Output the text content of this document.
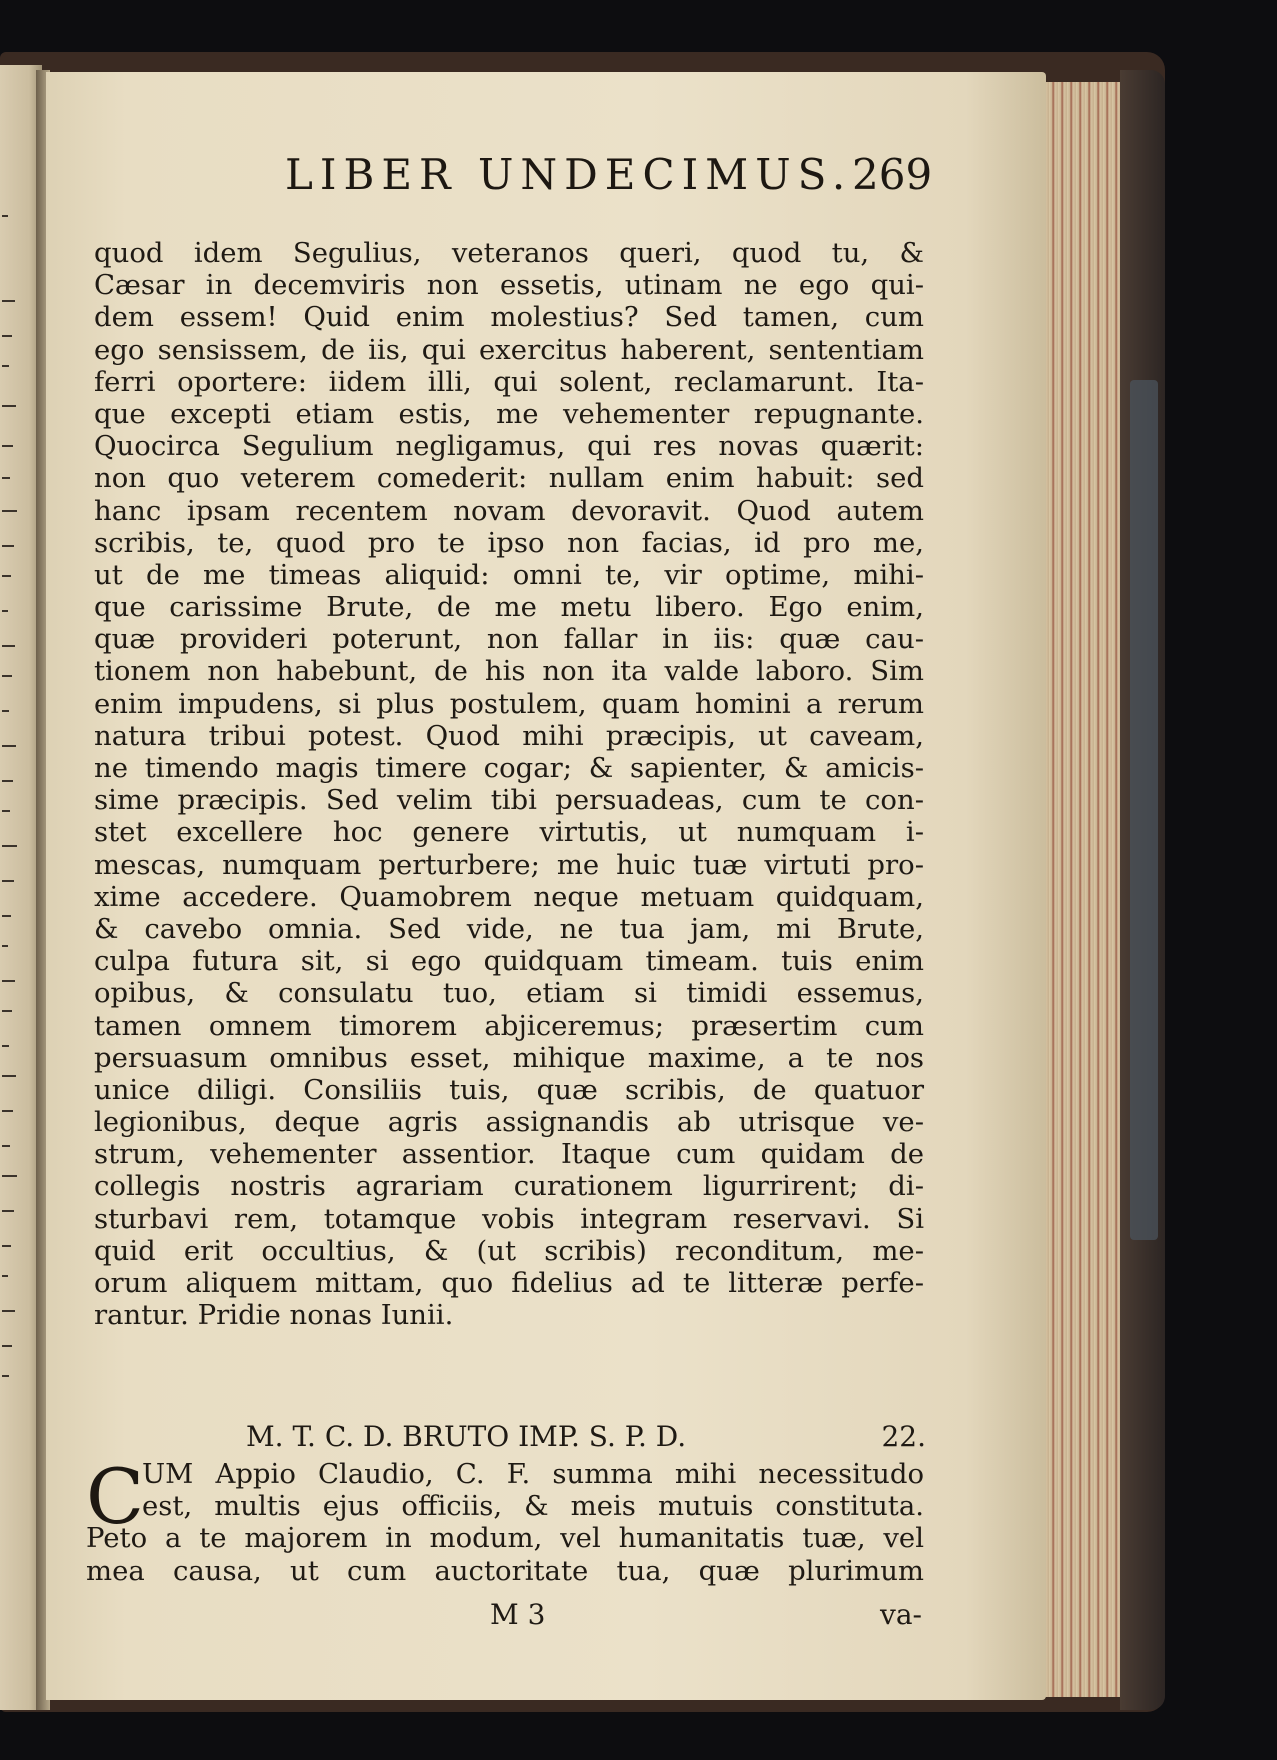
LIBER UNDECIMUS. 269
quod idem Segulius, veteranos queri, quod tu, &
Cæsar in decemviris non essetis, utinam ne ego qui-
dem essem! Quid enim molestius? Sed tamen, cum
ego sensissem, de iis, qui exercitus haberent, sententiam
ferri oportere: iidem illi, qui solent, reclamarunt. Ita-
que excepti etiam estis, me vehementer repugnante.
Quocirca Segulium negligamus, qui res novas quærit:
non quo veterem comederit: nullam enim habuit: sed
hanc ipsam recentem novam devoravit. Quod autem
scribis, te, quod pro te ipso non facias, id pro me,
ut de me timeas aliquid: omni te, vir optime, mihi-
que carissime Brute, de me metu libero. Ego enim,
quæ provideri poterunt, non fallar in iis: quæ cau-
tionem non habebunt, de his non ita valde laboro. Sim
enim impudens, si plus postulem, quam homini a rerum
natura tribui potest. Quod mihi præcipis, ut caveam,
ne timendo magis timere cogar; & sapienter, & amicis-
sime præcipis. Sed velim tibi persuadeas, cum te con-
stet excellere hoc genere virtutis, ut numquam i-
mescas, numquam perturbere; me huic tuæ virtuti pro-
xime accedere. Quamobrem neque metuam quidquam,
& cavebo omnia. Sed vide, ne tua jam, mi Brute,
culpa futura sit, si ego quidquam timeam. tuis enim
opibus, & consulatu tuo, etiam si timidi essemus,
tamen omnem timorem abjiceremus; præsertim cum
persuasum omnibus esset, mihique maxime, a te nos
unice diligi. Consiliis tuis, quæ scribis, de quatuor
legionibus, deque agris assignandis ab utrisque ve-
strum, vehementer assentior. Itaque cum quidam de
collegis nostris agrariam curationem ligurrirent; di-
sturbavi rem, totamque vobis integram reservavi. Si
quid erit occultius, & (ut scribis) reconditum, me-
orum aliquem mittam, quo fidelius ad te litteræ perfe-
rantur. Pridie nonas Iunii.
M. T. C. D. BRUTO IMP. S. P. D.	22.
C
UM Appio Claudio, C. F. summa mihi necessitudo
est, multis ejus officiis, & meis mutuis constituta.
Peto a te majorem in modum, vel humanitatis tuæ, vel
mea causa, ut cum auctoritate tua, quæ plurimum
M 3	va-
